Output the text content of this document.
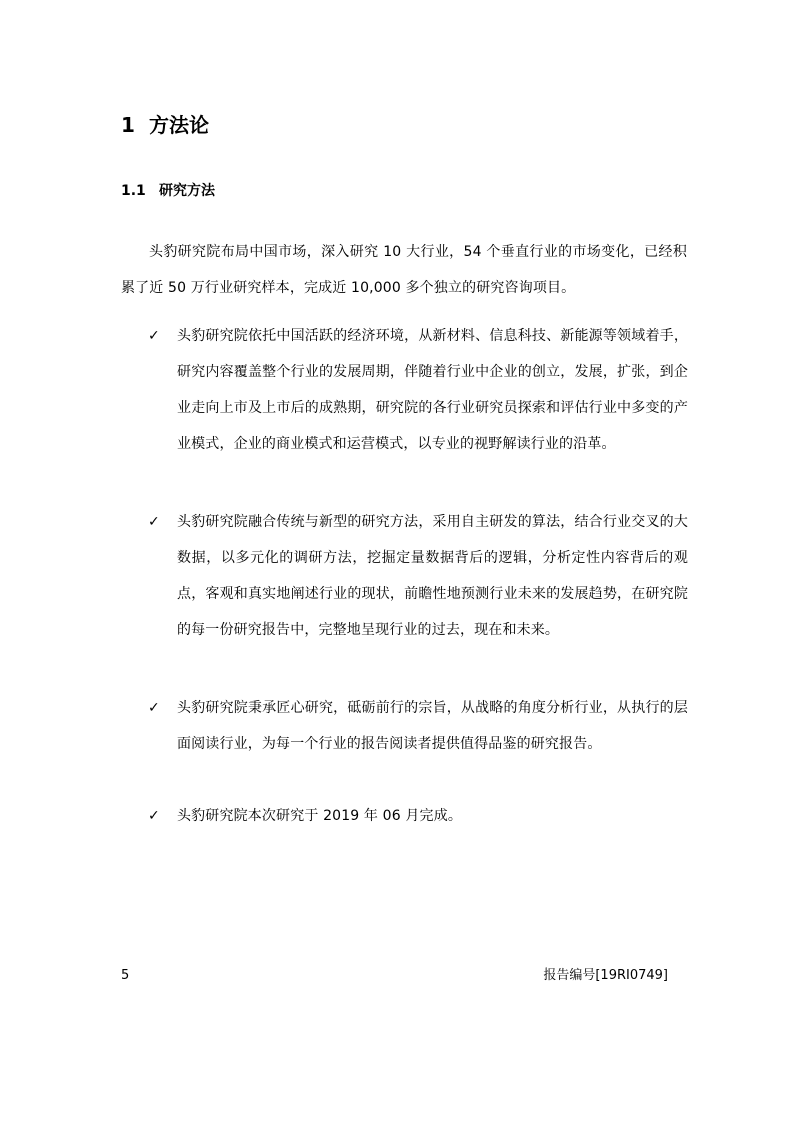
1 方法论
1.1 研究方法
头豹研究院布局中国市场，深入研究 10 大行业，54 个垂直行业的市场变化，已经积累了近 50 万行业研究样本，完成近 10,000 多个独立的研究咨询项目。
✓	头豹研究院依托中国活跃的经济环境，从新材料、信息科技、新能源等领域着手，研究内容覆盖整个行业的发展周期，伴随着行业中企业的创立，发展，扩张，到企业走向上市及上市后的成熟期，研究院的各行业研究员探索和评估行业中多变的产业模式，企业的商业模式和运营模式，以专业的视野解读行业的沿革。
✓	头豹研究院融合传统与新型的研究方法，采用自主研发的算法，结合行业交叉的大数据，以多元化的调研方法，挖掘定量数据背后的逻辑，分析定性内容背后的观点，客观和真实地阐述行业的现状，前瞻性地预测行业未来的发展趋势，在研究院的每一份研究报告中，完整地呈现行业的过去，现在和未来。
✓	头豹研究院秉承匠心研究，砥砺前行的宗旨，从战略的角度分析行业，从执行的层面阅读行业，为每一个行业的报告阅读者提供值得品鉴的研究报告。
✓	头豹研究院本次研究于 2019 年 06 月完成。
5	报告编号[19RI0749]
